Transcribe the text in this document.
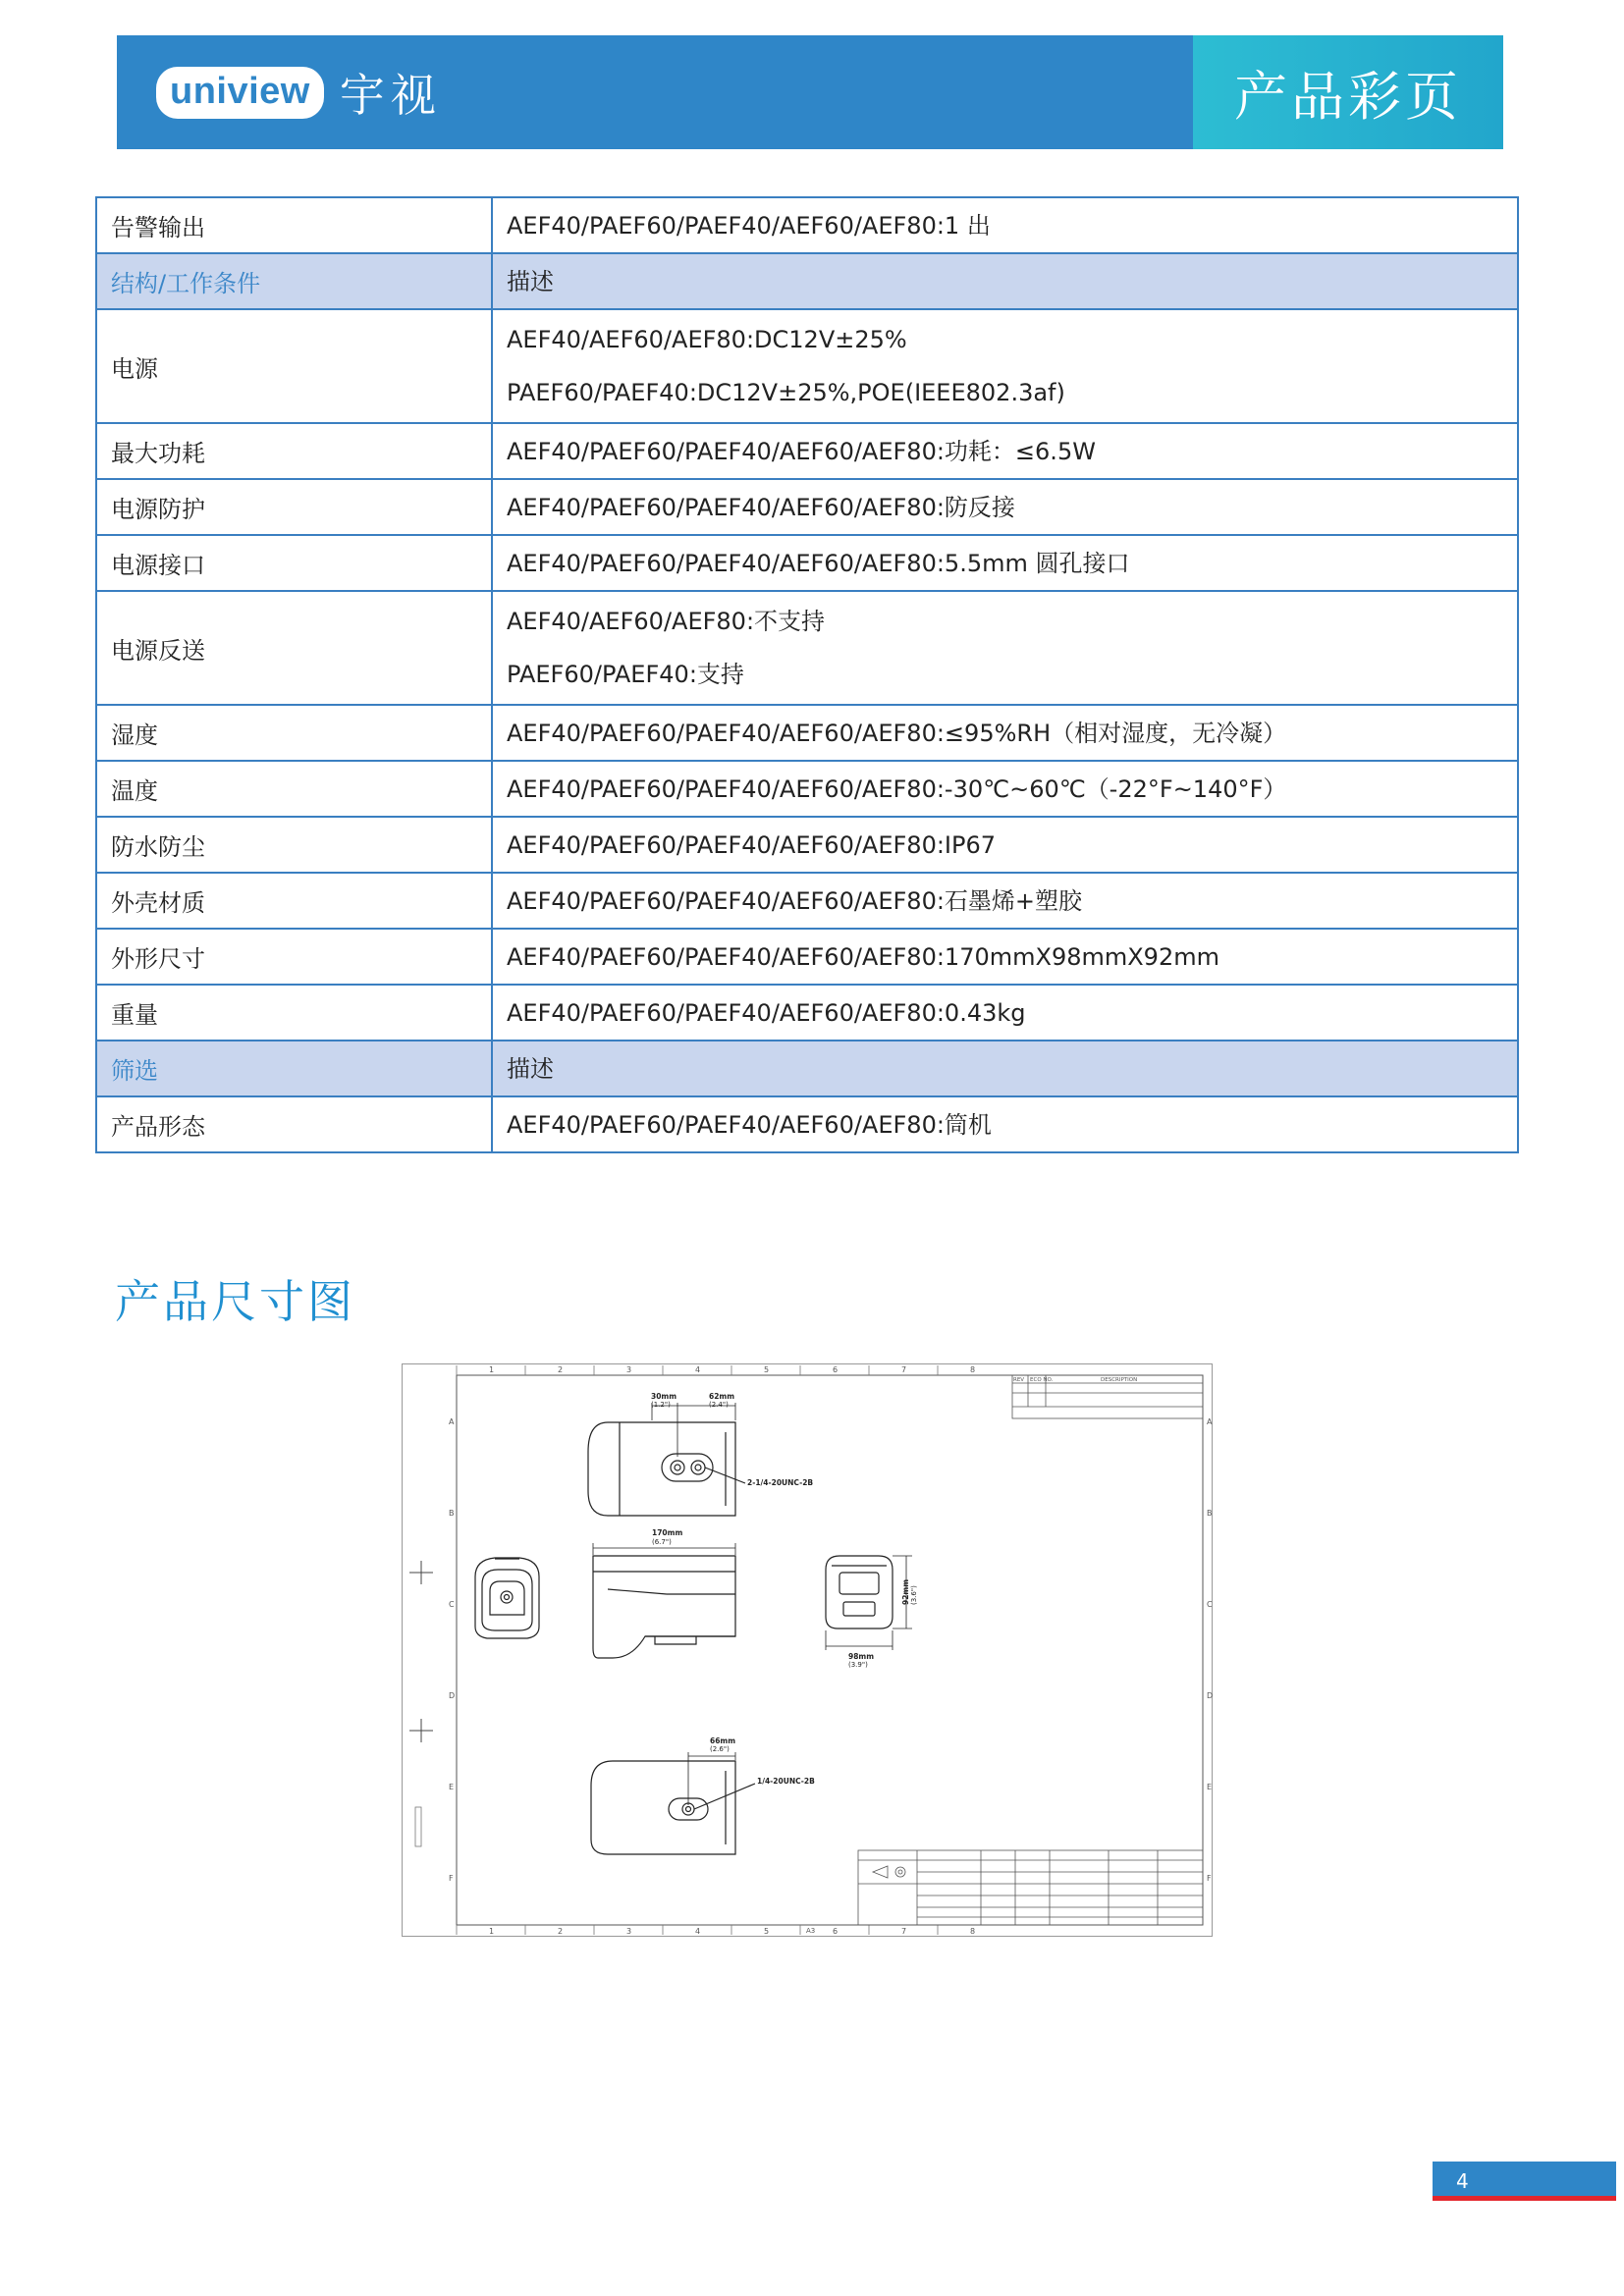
uniview 宇视	产品彩页
告警输出	AEF40/PAEF60/PAEF40/AEF60/AEF80:1 出

结构/工作条件	描述

电源	AEF40/AEF60/AEF80:DC12V±25%
PAEF60/PAEF40:DC12V±25%,POE(IEEE802.3af)

最大功耗	AEF40/PAEF60/PAEF40/AEF60/AEF80:功耗：≤6.5W

电源防护	AEF40/PAEF60/PAEF40/AEF60/AEF80:防反接

电源接口	AEF40/PAEF60/PAEF40/AEF60/AEF80:5.5mm 圆孔接口

电源反送	AEF40/AEF60/AEF80:不支持
PAEF60/PAEF40:支持

湿度	AEF40/PAEF60/PAEF40/AEF60/AEF80:≤95%RH（相对湿度，无冷凝）

温度	AEF40/PAEF60/PAEF40/AEF60/AEF80:-30℃~60℃（-22°F~140°F）

防水防尘	AEF40/PAEF60/PAEF40/AEF60/AEF80:IP67

外壳材质	AEF40/PAEF60/PAEF40/AEF60/AEF80:石墨烯+塑胶

外形尺寸	AEF40/PAEF60/PAEF40/AEF60/AEF80:170mmX98mmX92mm

重量	AEF40/PAEF60/PAEF40/AEF60/AEF80:0.43kg

筛选	描述

产品形态	AEF40/PAEF60/PAEF40/AEF60/AEF80:筒机
产品尺寸图
1
1
2
2
3
3
4
4
5
5
6
6
7
7
8
8
A	A
B	B
C	C
D	D
E	E
F	F
REV ECO NO.	DESCRIPTION
30mm
(1.2")
62mm
(2.4")
2-1/4-20UNC-2B
170mm
(6.7")
92mm (3.6")
98mm
(3.9")
66mm
(2.6")
1/4-20UNC-2B
A3
4
